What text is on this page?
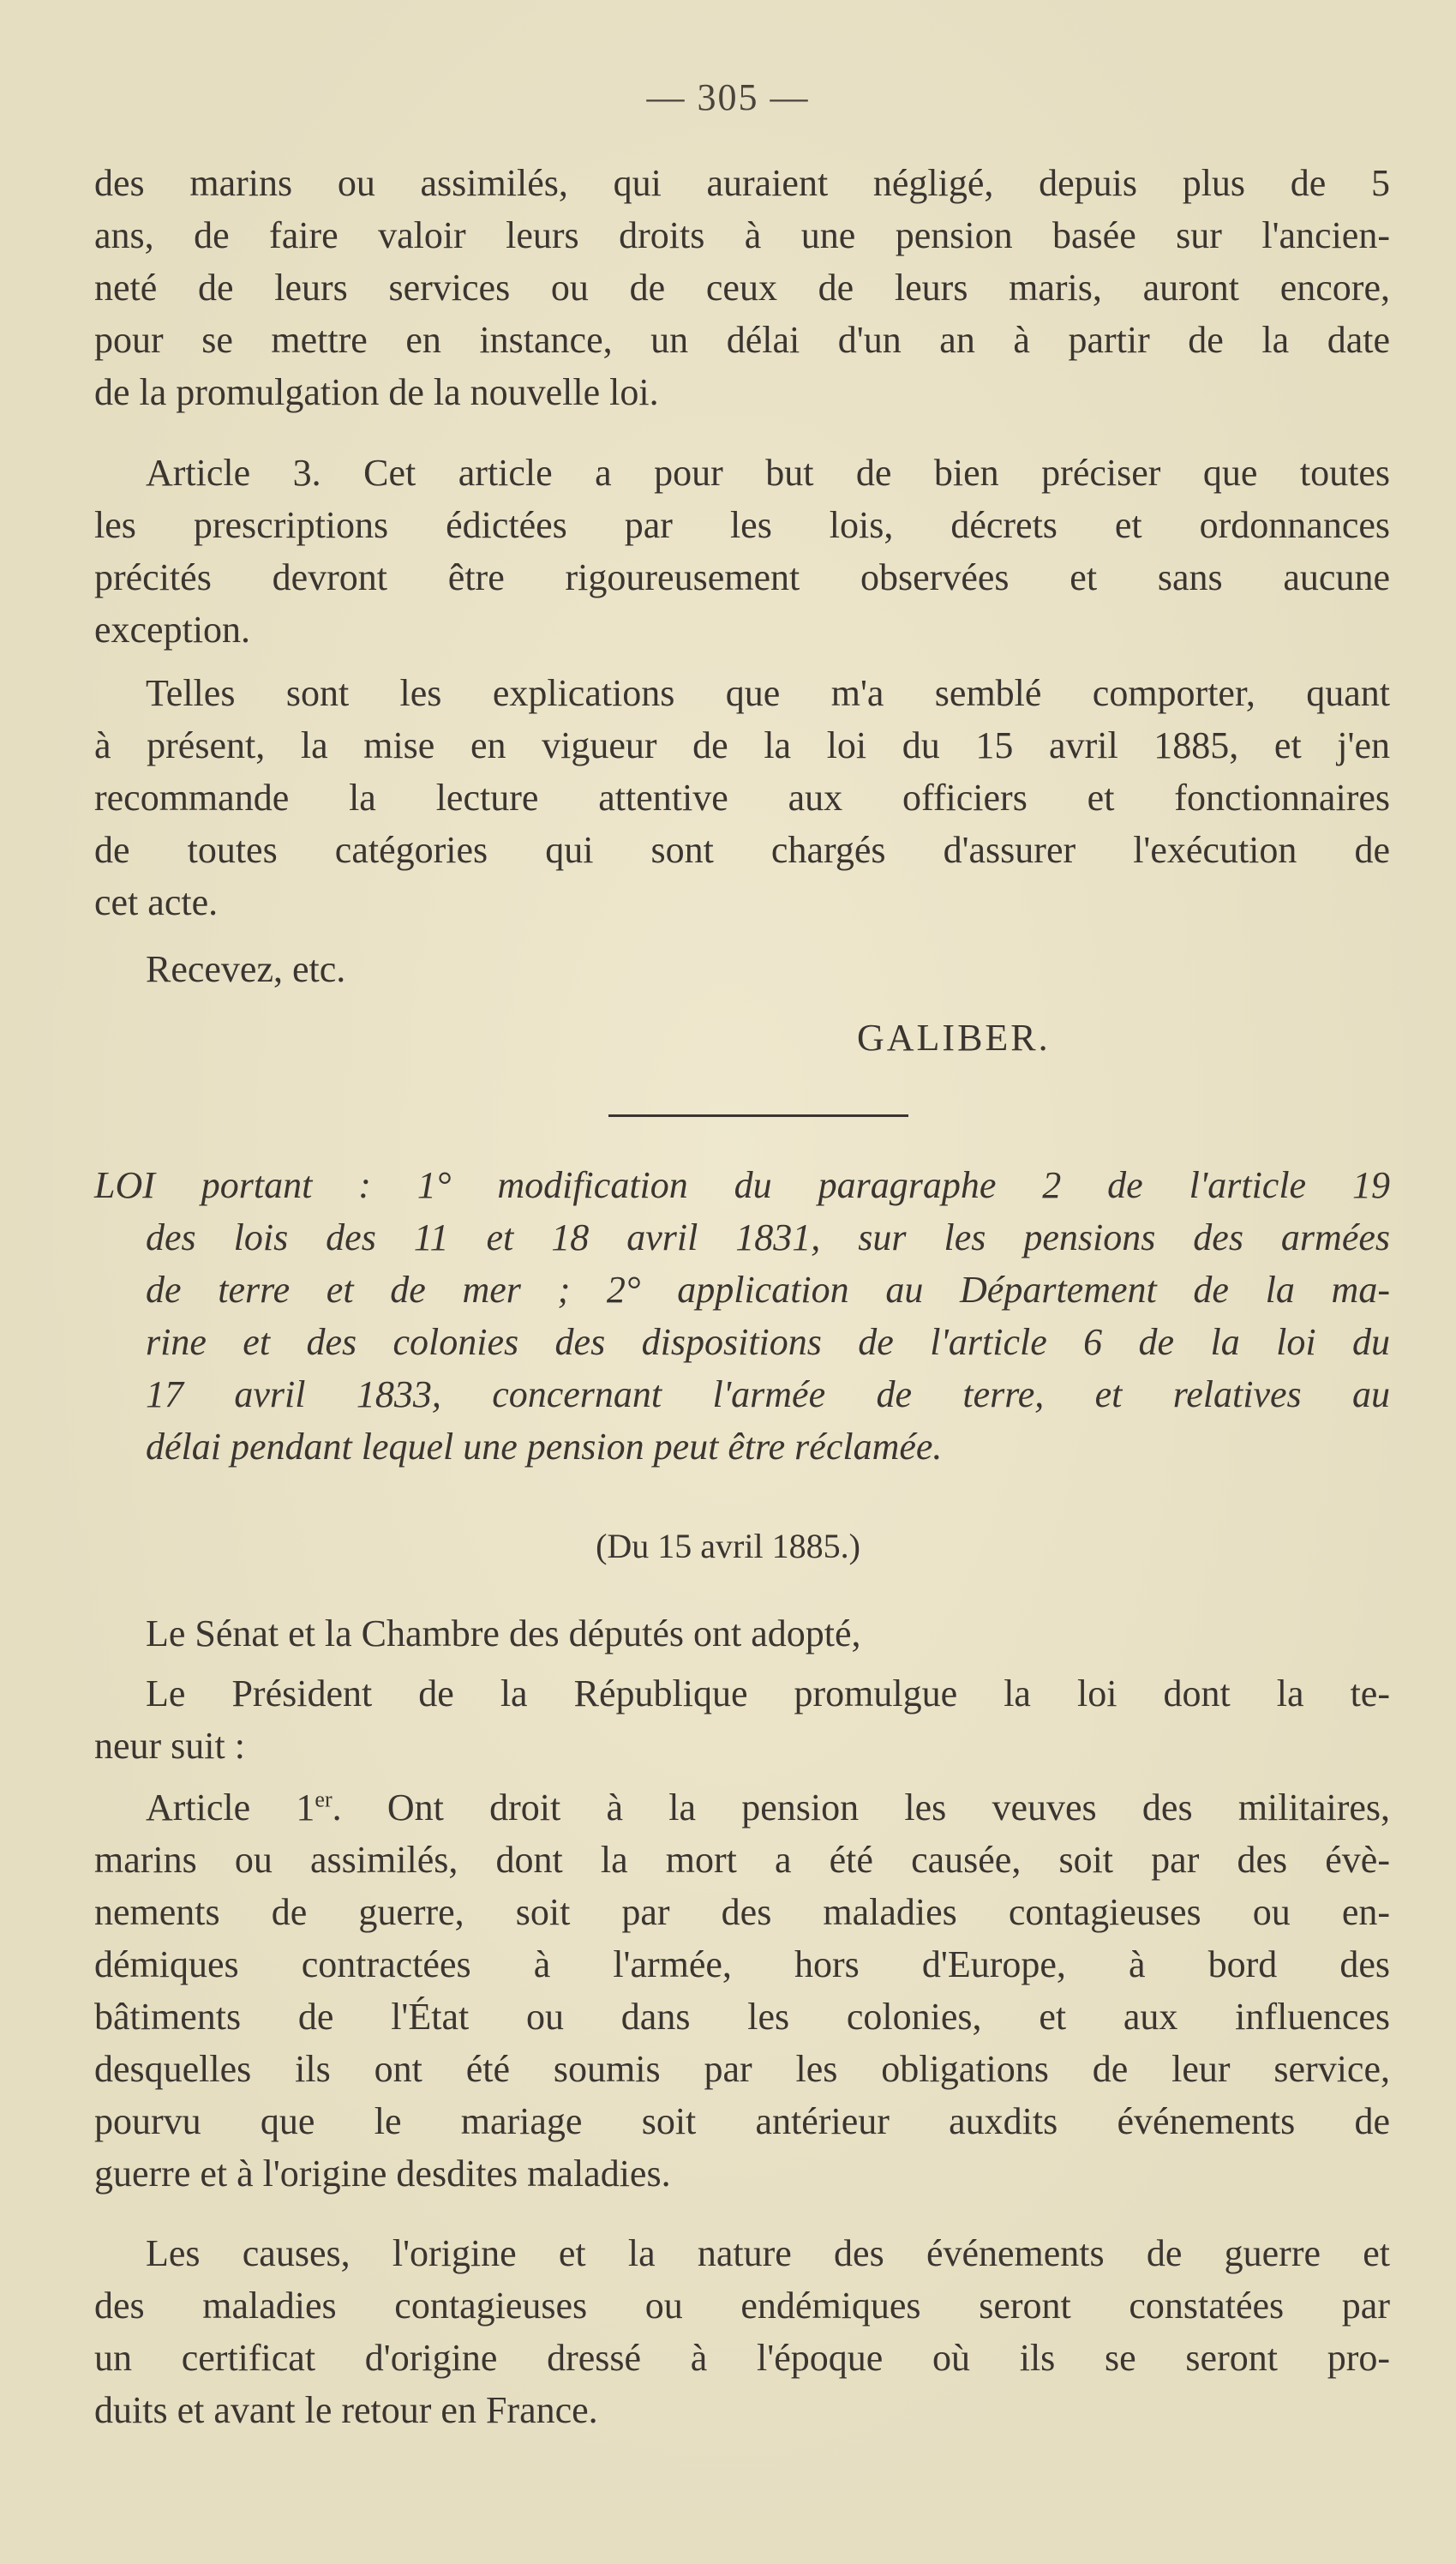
— 305 —
des marins ou assimilés, qui auraient négligé, depuis plus de 5
ans, de faire valoir leurs droits à une pension basée sur l'ancien-
neté de leurs services ou de ceux de leurs maris, auront encore,
pour se mettre en instance, un délai d'un an à partir de la date
de la promulgation de la nouvelle loi.
Article 3. Cet article a pour but de bien préciser que toutes
les prescriptions édictées par les lois, décrets et ordonnances
précités devront être rigoureusement observées et sans aucune
exception.
Telles sont les explications que m'a semblé comporter, quant
à présent, la mise en vigueur de la loi du 15 avril 1885, et j'en
recommande la lecture attentive aux officiers et fonctionnaires
de toutes catégories qui sont chargés d'assurer l'exécution de
cet acte.
Recevez, etc.
GALIBER.
LOI portant : 1° modification du paragraphe 2 de l'article 19
des lois des 11 et 18 avril 1831, sur les pensions des armées
de terre et de mer ; 2° application au Département de la ma-
rine et des colonies des dispositions de l'article 6 de la loi du
17 avril 1833, concernant l'armée de terre, et relatives au
délai pendant lequel une pension peut être réclamée.
(Du 15 avril 1885.)
Le Sénat et la Chambre des députés ont adopté,
Le Président de la République promulgue la loi dont la te-
neur suit :
Article 1er. Ont droit à la pension les veuves des militaires,
marins ou assimilés, dont la mort a été causée, soit par des évè-
nements de guerre, soit par des maladies contagieuses ou en-
démiques contractées à l'armée, hors d'Europe, à bord des
bâtiments de l'État ou dans les colonies, et aux influences
desquelles ils ont été soumis par les obligations de leur service,
pourvu que le mariage soit antérieur auxdits événements de
guerre et à l'origine desdites maladies.
Les causes, l'origine et la nature des événements de guerre et
des maladies contagieuses ou endémiques seront constatées par
un certificat d'origine dressé à l'époque où ils se seront pro-
duits et avant le retour en France.
